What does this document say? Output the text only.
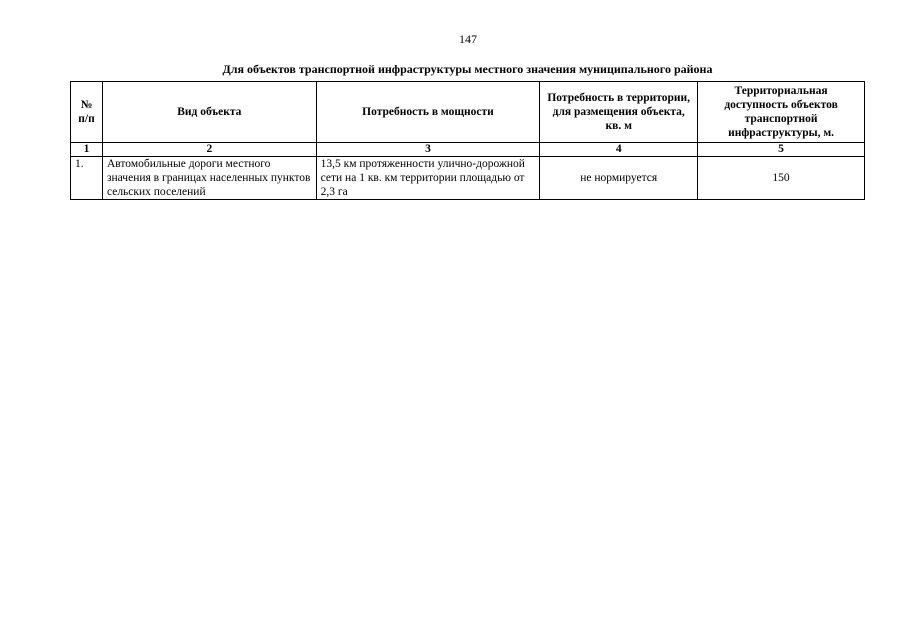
147
Для объектов транспортной инфраструктуры местного значения муниципального района
№ п/п	Вид объекта	Потребность в мощности	Потребность в территории, для размещения объекта, кв. м	Территориальная доступность объектов транспортной инфраструктуры, м.
1	2	3	4	5
1.	Автомобильные дороги местного значения в границах населенных пунктов сельских поселений	13,5 км протяженности улично-дорожной сети на 1 кв. км территории площадью от 2,3 га	не нормируется	150
